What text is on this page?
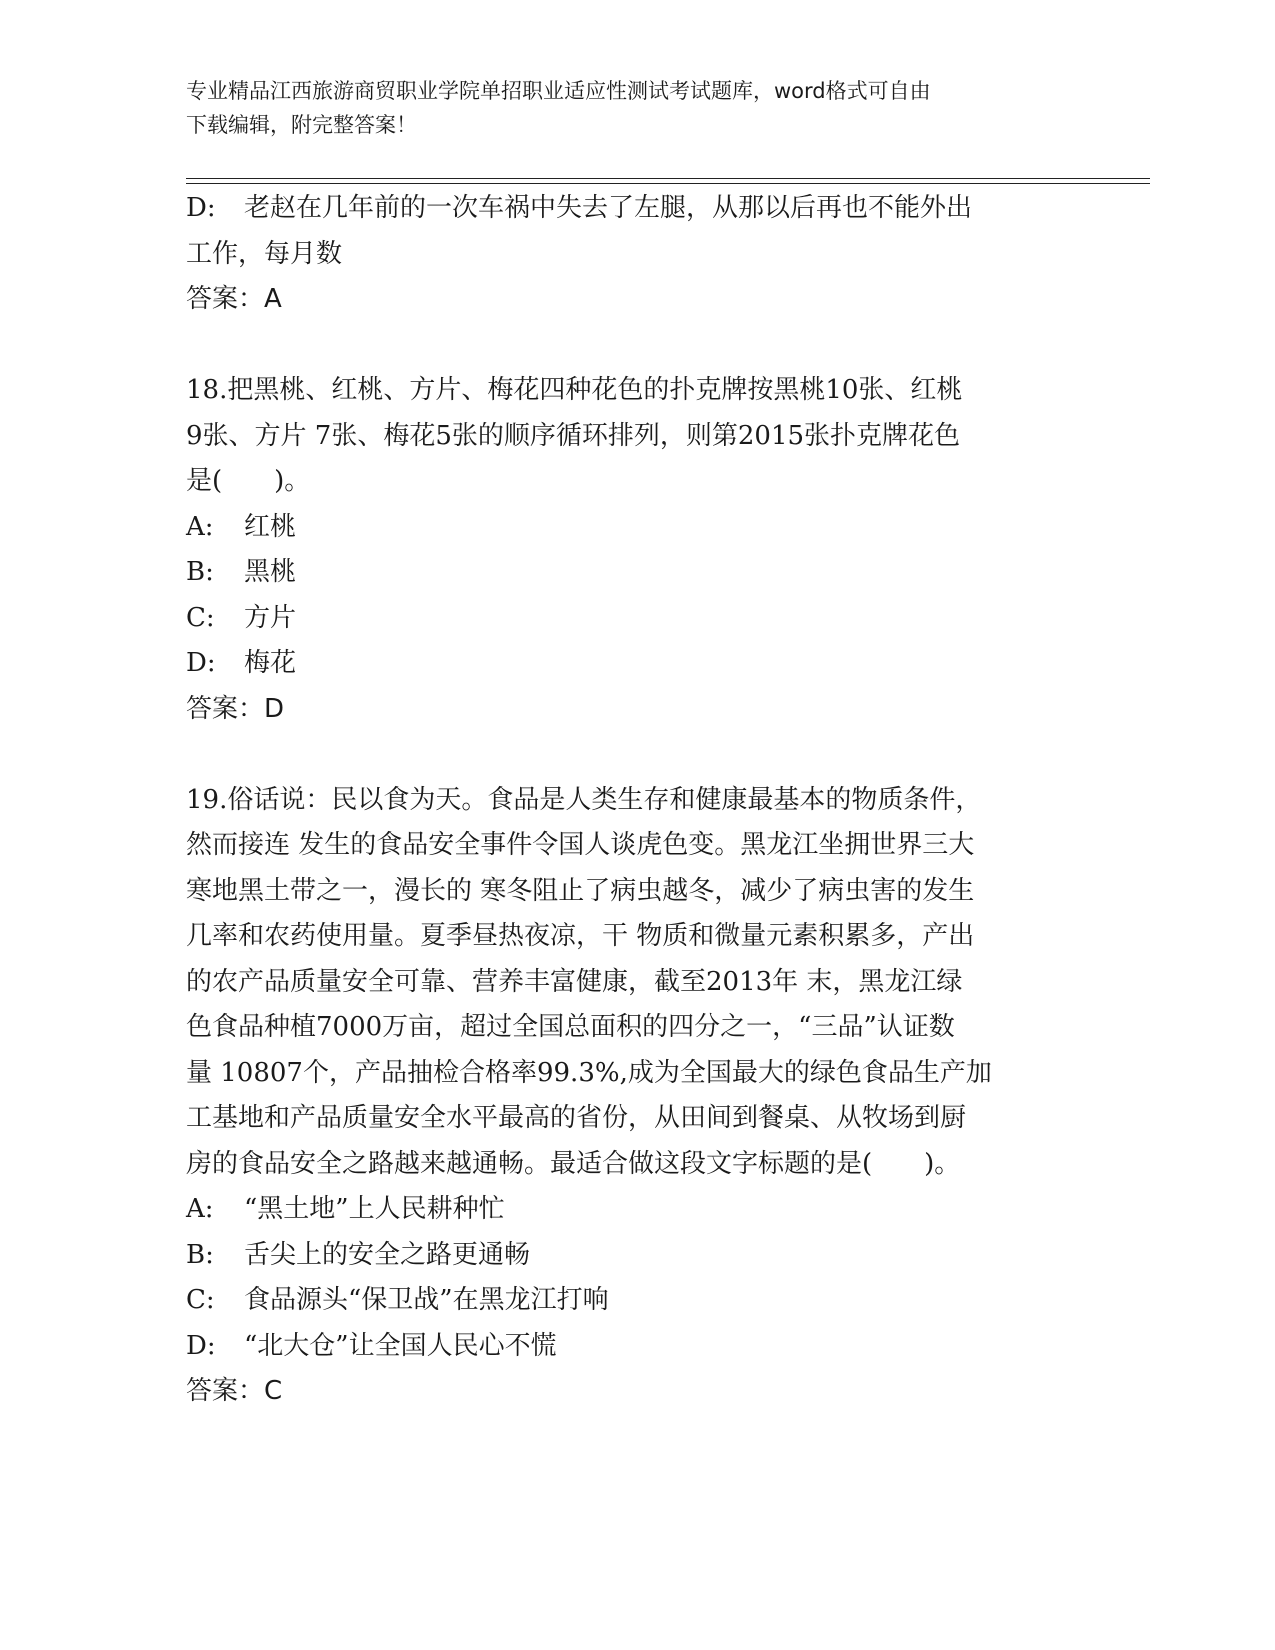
专业精品江西旅游商贸职业学院单招职业适应性测试考试题库，word格式可自由
下载编辑，附完整答案！
D: 老赵在几年前的一次车祸中失去了左腿，从那以后再也不能外出
工作，每月数
答案：A
18.把黑桃、红桃、方片、梅花四种花色的扑克牌按黑桃10张、红桃
9张、方片 7张、梅花5张的顺序循环排列，则第2015张扑克牌花色
是(　　)。
A: 红桃
B: 黑桃
C: 方片
D: 梅花
答案：D
19.俗话说：民以食为天。食品是人类生存和健康最基本的物质条件，
然而接连 发生的食品安全事件令国人谈虎色变。黑龙江坐拥世界三大
寒地黑土带之一，漫长的 寒冬阻止了病虫越冬，减少了病虫害的发生
几率和农药使用量。夏季昼热夜凉，干 物质和微量元素积累多，产出
的农产品质量安全可靠、营养丰富健康，截至2013年 末，黑龙江绿
色食品种植7000万亩，超过全国总面积的四分之一，“三品”认证数
量 10807个，产品抽检合格率99.3%,成为全国最大的绿色食品生产加
工基地和产品质量安全水平最高的省份，从田间到餐桌、从牧场到厨
房的食品安全之路越来越通畅。最适合做这段文字标题的是(　　)。
A: “黑土地”上人民耕种忙
B: 舌尖上的安全之路更通畅
C: 食品源头“保卫战”在黑龙江打响
D: “北大仓”让全国人民心不慌
答案：C
